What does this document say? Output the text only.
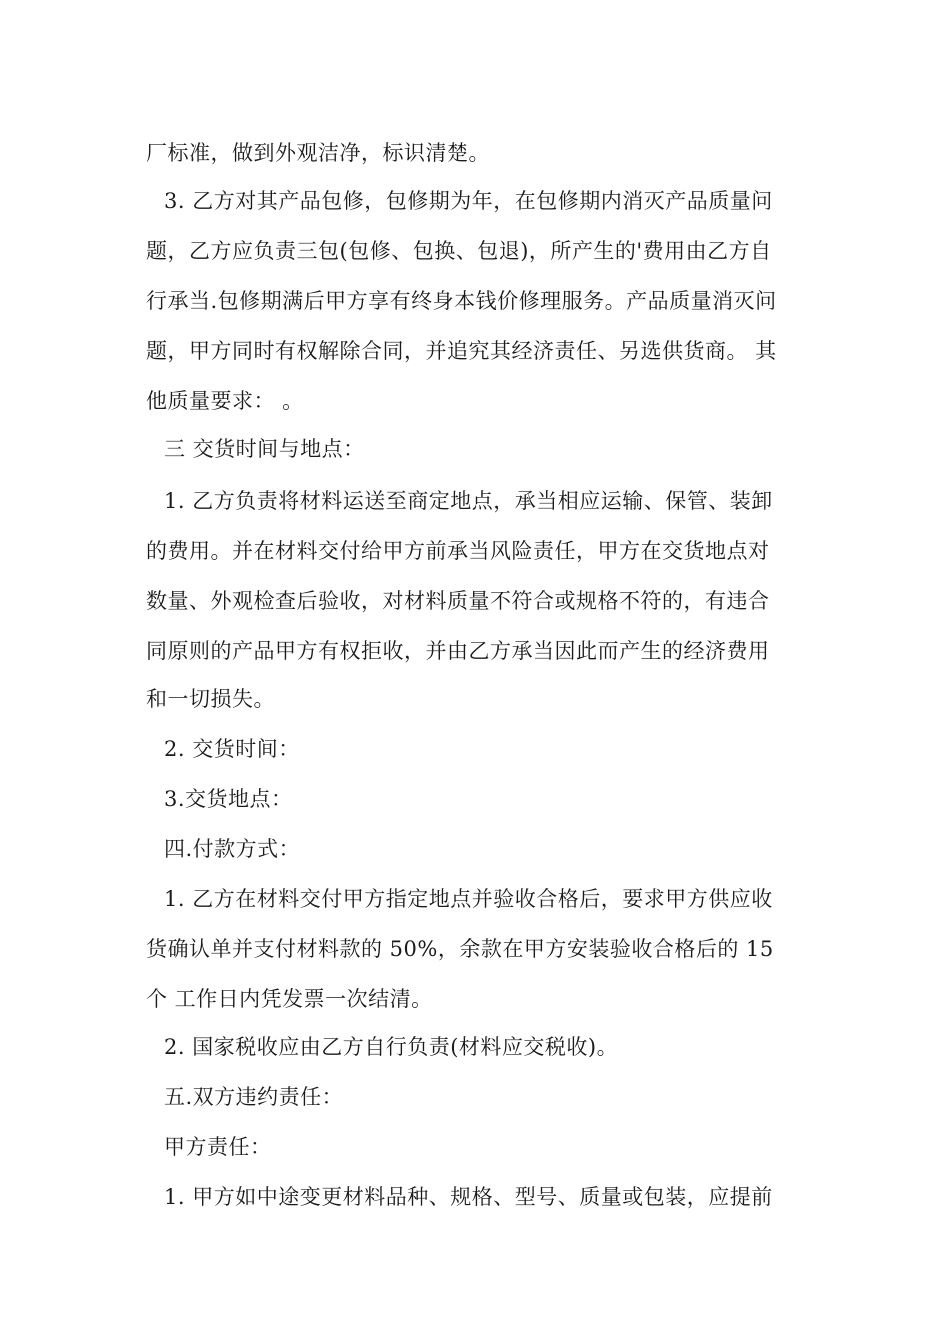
厂标准，做到外观洁净，标识清楚。
3. 乙方对其产品包修，包修期为年，在包修期内消灭产品质量问
题，乙方应负责三包(包修、包换、包退)，所产生的'费用由乙方自
行承当.包修期满后甲方享有终身本钱价修理服务。产品质量消灭问
题，甲方同时有权解除合同，并追究其经济责任、另选供货商。 其
他质量要求： 。
三 交货时间与地点：
1. 乙方负责将材料运送至商定地点，承当相应运输、保管、装卸
的费用。并在材料交付给甲方前承当风险责任，甲方在交货地点对
数量、外观检查后验收，对材料质量不符合或规格不符的，有违合
同原则的产品甲方有权拒收，并由乙方承当因此而产生的经济费用
和一切损失。
2. 交货时间：
3.交货地点：
四.付款方式：
1. 乙方在材料交付甲方指定地点并验收合格后，要求甲方供应收
货确认单并支付材料款的 50%，余款在甲方安装验收合格后的 15
个 工作日内凭发票一次结清。
2. 国家税收应由乙方自行负责(材料应交税收)。
五.双方违约责任：
甲方责任：
1. 甲方如中途变更材料品种、规格、型号、质量或包装，应提前
